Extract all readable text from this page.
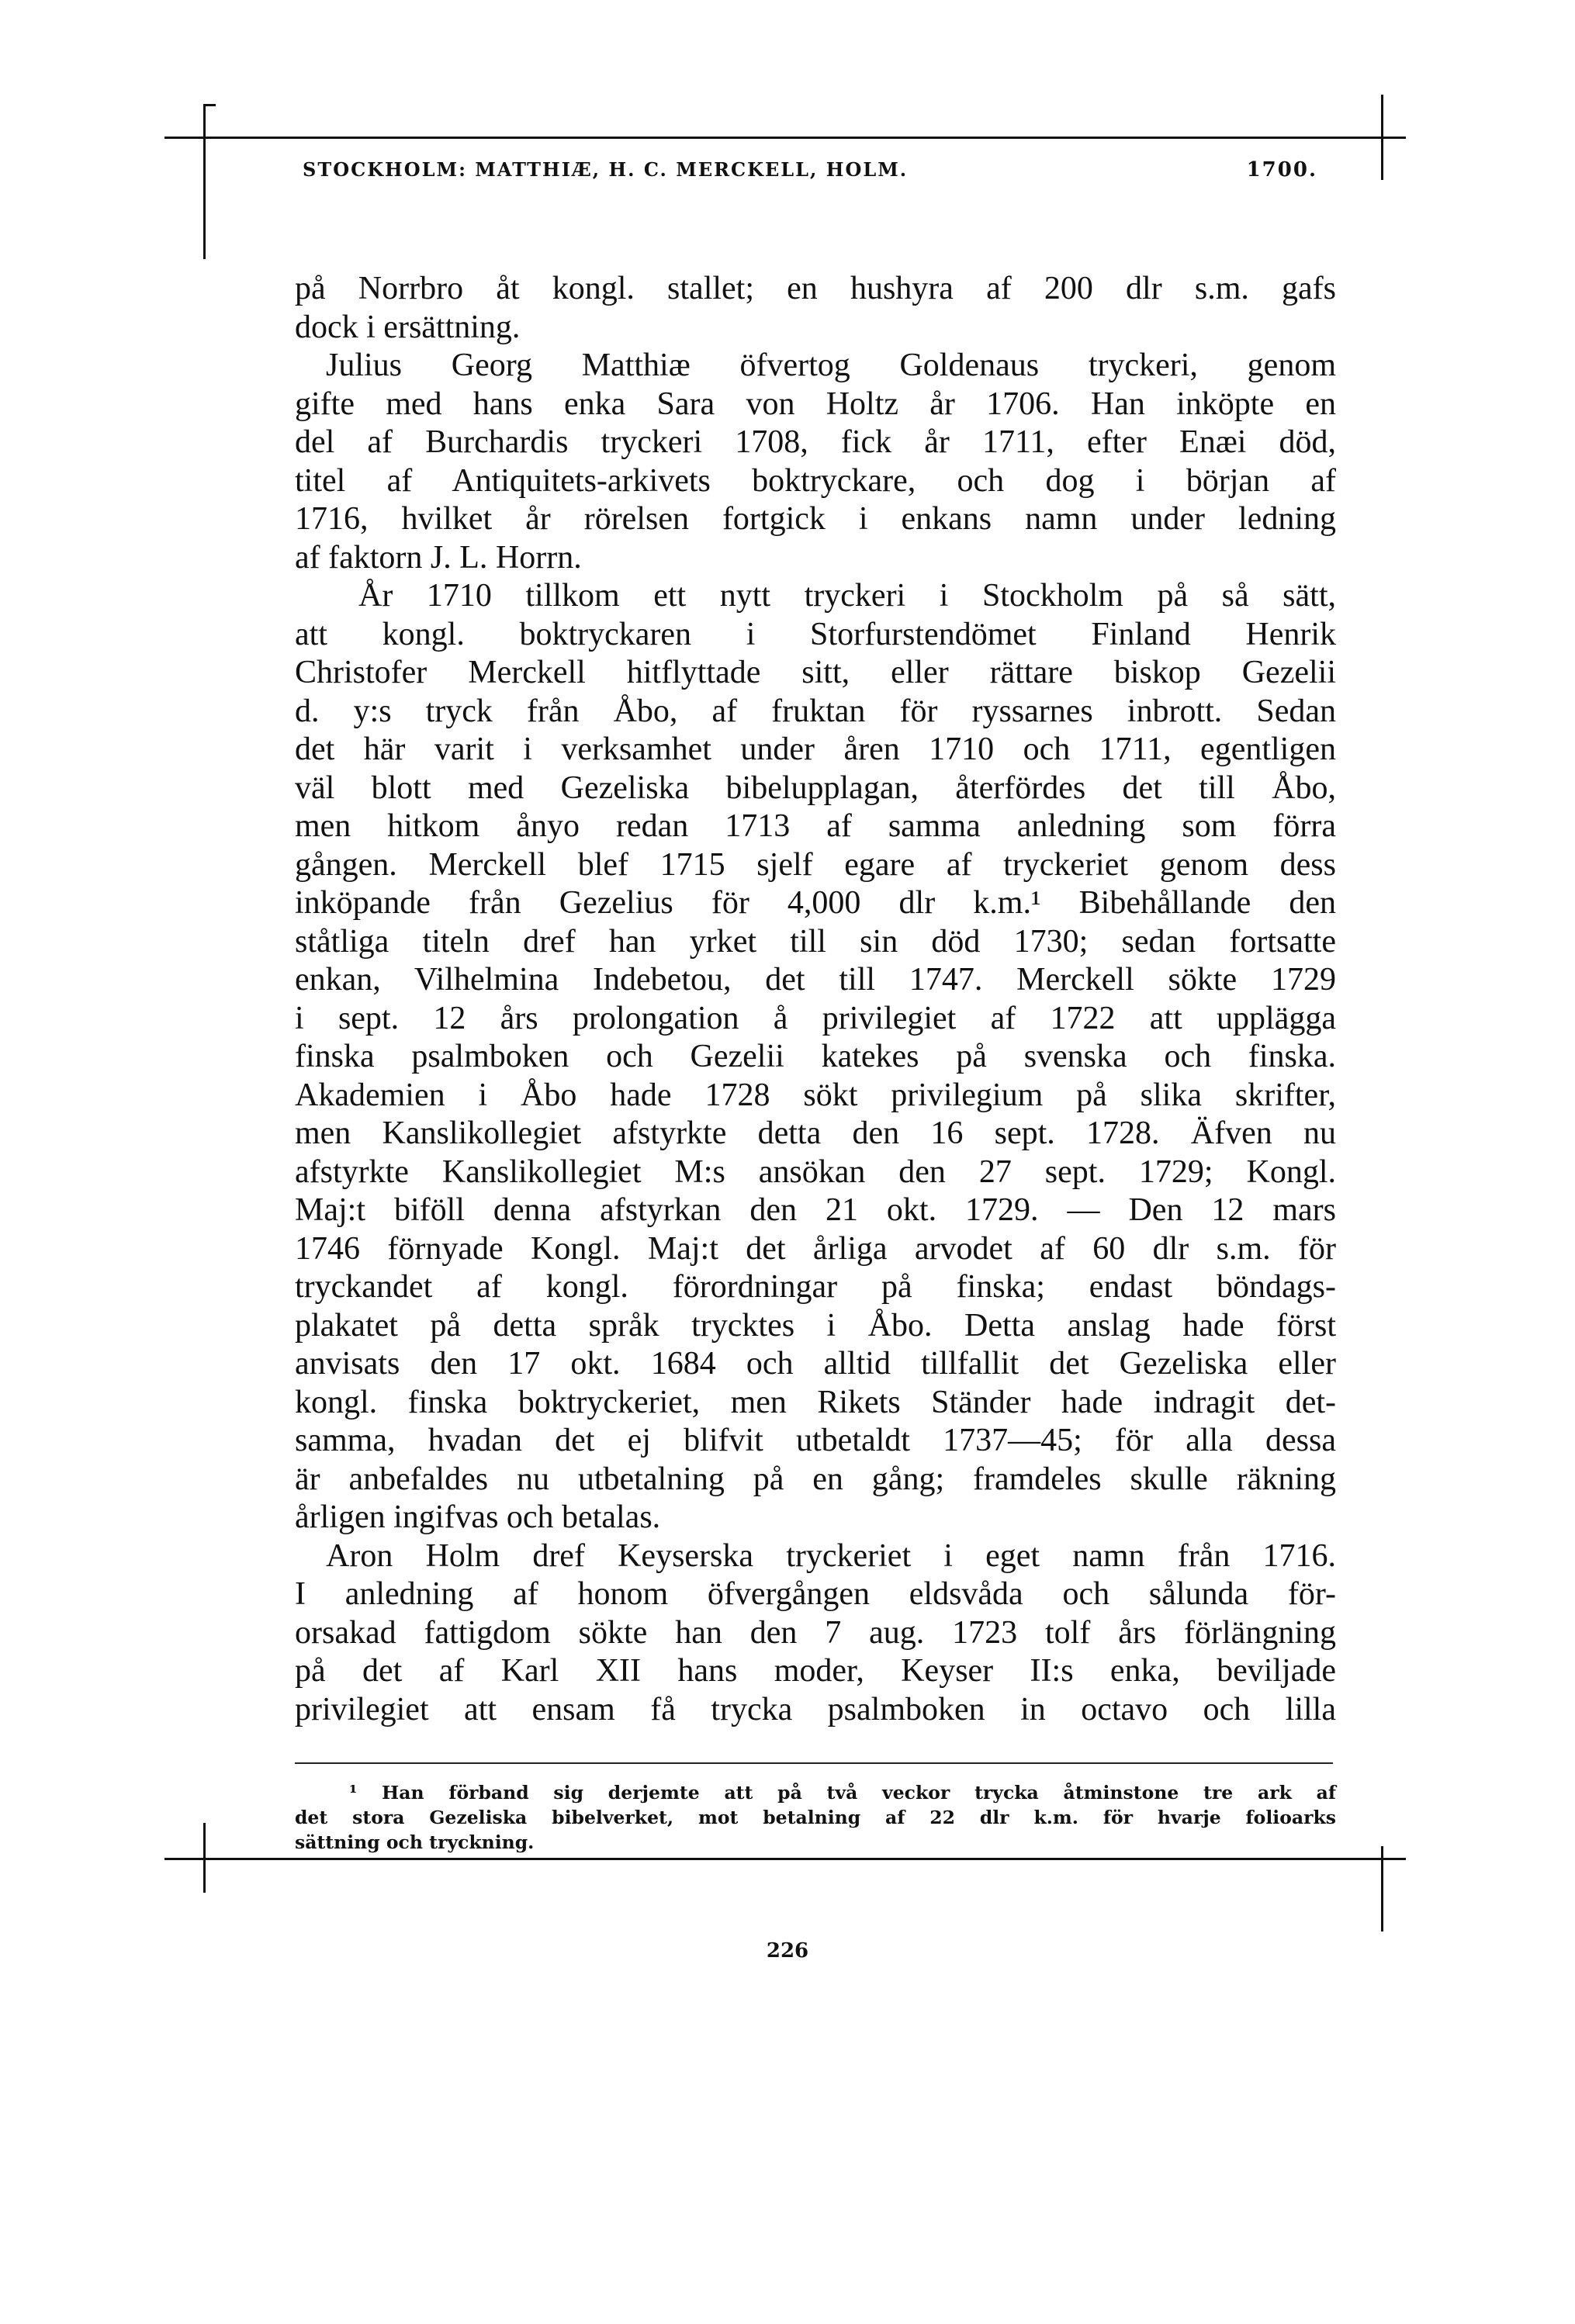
STOCKHOLM: MATTHIÆ, H. C. MERCKELL, HOLM.	1700.
på Norrbro åt kongl. stallet; en hushyra af 200 dlr s.m. gafs
dock i ersättning.
Julius Georg Matthiæ öfvertog Goldenaus tryckeri, genom
gifte med hans enka Sara von Holtz år 1706. Han inköpte en
del af Burchardis tryckeri 1708, fick år 1711, efter Enæi död,
titel af Antiquitets-arkivets boktryckare, och dog i början af
1716, hvilket år rörelsen fortgick i enkans namn under ledning
af faktorn J. L. Horrn.
År 1710 tillkom ett nytt tryckeri i Stockholm på så sätt,
att kongl. boktryckaren i Storfurstendömet Finland Henrik
Christofer Merckell hitflyttade sitt, eller rättare biskop Gezelii
d. y:s tryck från Åbo, af fruktan för ryssarnes inbrott. Sedan
det här varit i verksamhet under åren 1710 och 1711, egentligen
väl blott med Gezeliska bibelupplagan, återfördes det till Åbo,
men hitkom ånyo redan 1713 af samma anledning som förra
gången. Merckell blef 1715 sjelf egare af tryckeriet genom dess
inköpande från Gezelius för 4,000 dlr k.m.¹ Bibehållande den
ståtliga titeln dref han yrket till sin död 1730; sedan fortsatte
enkan, Vilhelmina Indebetou, det till 1747. Merckell sökte 1729
i sept. 12 års prolongation å privilegiet af 1722 att upplägga
finska psalmboken och Gezelii katekes på svenska och finska.
Akademien i Åbo hade 1728 sökt privilegium på slika skrifter,
men Kanslikollegiet afstyrkte detta den 16 sept. 1728. Äfven nu
afstyrkte Kanslikollegiet M:s ansökan den 27 sept. 1729; Kongl.
Maj:t biföll denna afstyrkan den 21 okt. 1729. — Den 12 mars
1746 förnyade Kongl. Maj:t det årliga arvodet af 60 dlr s.m. för
tryckandet af kongl. förordningar på finska; endast böndags-
plakatet på detta språk trycktes i Åbo. Detta anslag hade först
anvisats den 17 okt. 1684 och alltid tillfallit det Gezeliska eller
kongl. finska boktryckeriet, men Rikets Ständer hade indragit det-
samma, hvadan det ej blifvit utbetaldt 1737—45; för alla dessa
är anbefaldes nu utbetalning på en gång; framdeles skulle räkning
årligen ingifvas och betalas.
Aron Holm dref Keyserska tryckeriet i eget namn från 1716.
I anledning af honom öfvergången eldsvåda och sålunda för-
orsakad fattigdom sökte han den 7 aug. 1723 tolf års förlängning
på det af Karl XII hans moder, Keyser II:s enka, beviljade
privilegiet att ensam få trycka psalmboken in octavo och lilla
¹ Han förband sig derjemte att på två veckor trycka åtminstone tre ark af
det stora Gezeliska bibelverket, mot betalning af 22 dlr k.m. för hvarje folioarks
sättning och tryckning.
226
